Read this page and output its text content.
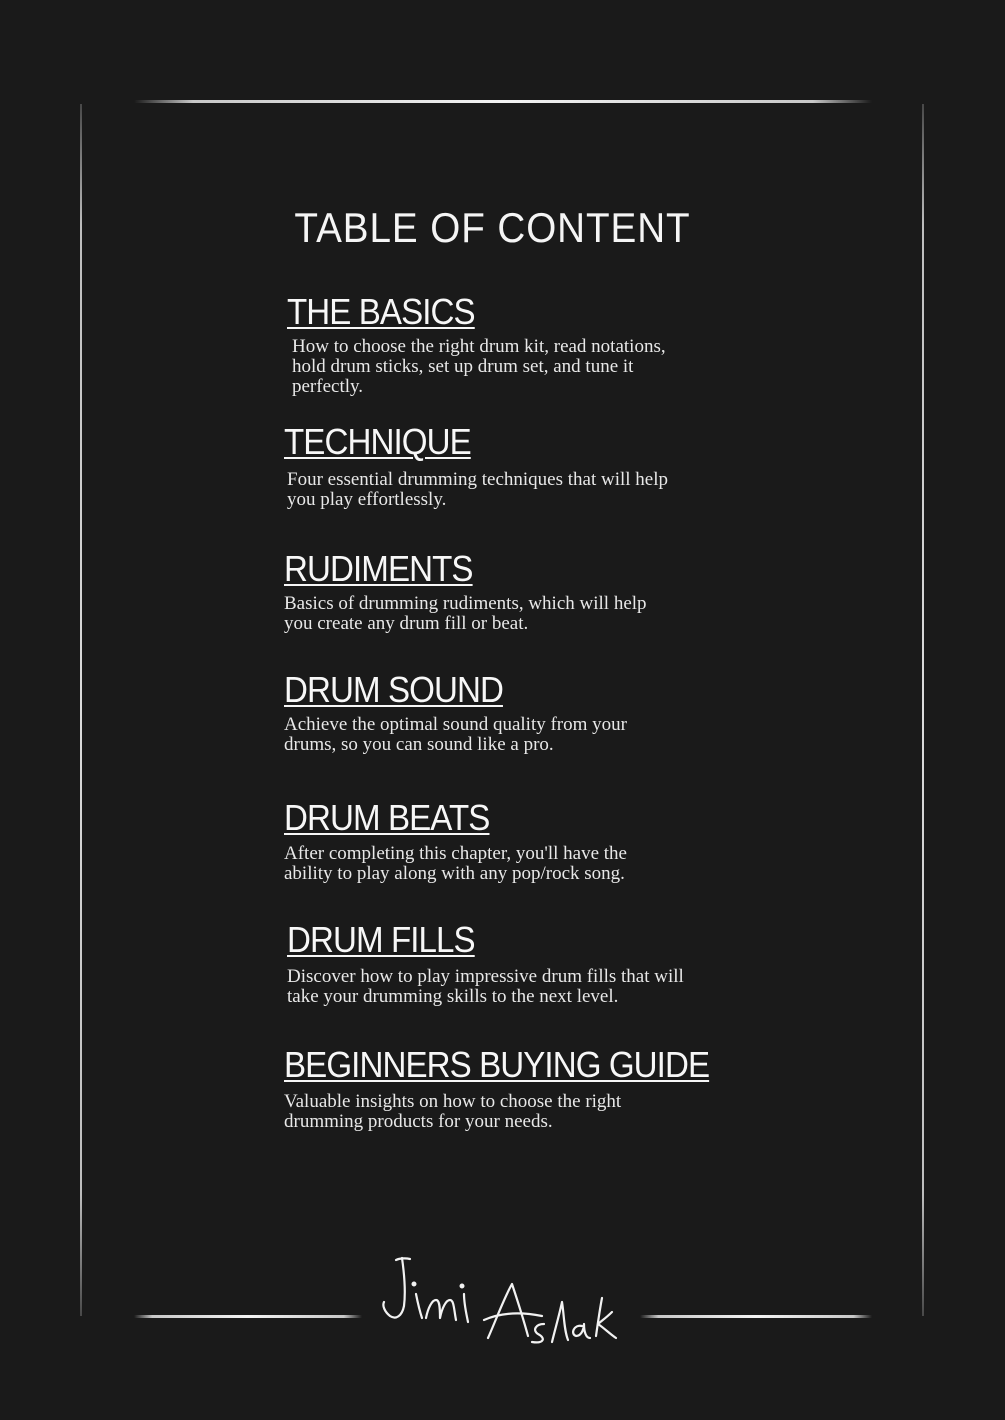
TABLE OF CONTENT
THE BASICS
How to choose the right drum kit, read notations,
hold drum sticks, set up drum set, and tune it
perfectly.
TECHNIQUE
Four essential drumming techniques that will help
you play effortlessly.
RUDIMENTS
Basics of drumming rudiments, which will help
you create any drum fill or beat.
DRUM SOUND
Achieve the optimal sound quality from your
drums, so you can sound like a pro.
DRUM BEATS
After completing this chapter, you'll have the
ability to play along with any pop/rock song.
DRUM FILLS
Discover how to play impressive drum fills that will
take your drumming skills to the next level.
BEGINNERS BUYING GUIDE
Valuable insights on how to choose the right
drumming products for your needs.
